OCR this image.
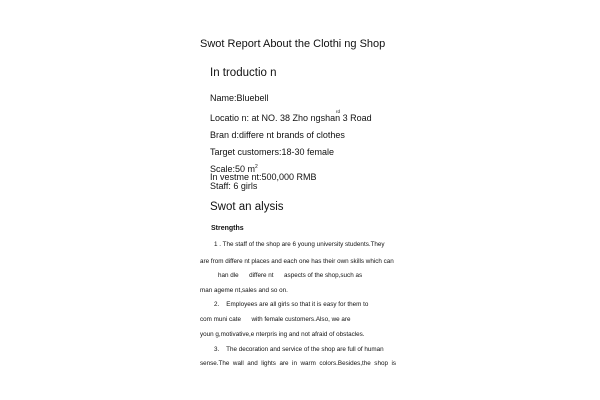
Swot Report About the Clothi ng Shop

In troductio n

Name:Bluebell

Locatio n: at NO. 38 Zho ngshan 3 Road

rd

Bran d:differe nt brands of clothes

Target customers:18-30 female

Scale:50 $m^2$

Staff: 6 girls

In vestme nt:500,000 RMB

Swot an alysis

Strengths

1 . The staff of the shop are 6 young university students.They

are from differe nt places and each one has their own skills which can

han dle      differe nt      aspects of the shop,such as

man ageme nt,sales and so on.

2.    Employees are all girls so that it is easy for them to

com muni cate      with female customers.Also, we are

youn g,motivative,e nterpris ing and not afraid of obstacles.

3.    The decoration and service of the shop are full of human

sense.The  wall  and  lights  are  in  warm  colors.Besides,the  shop  is
